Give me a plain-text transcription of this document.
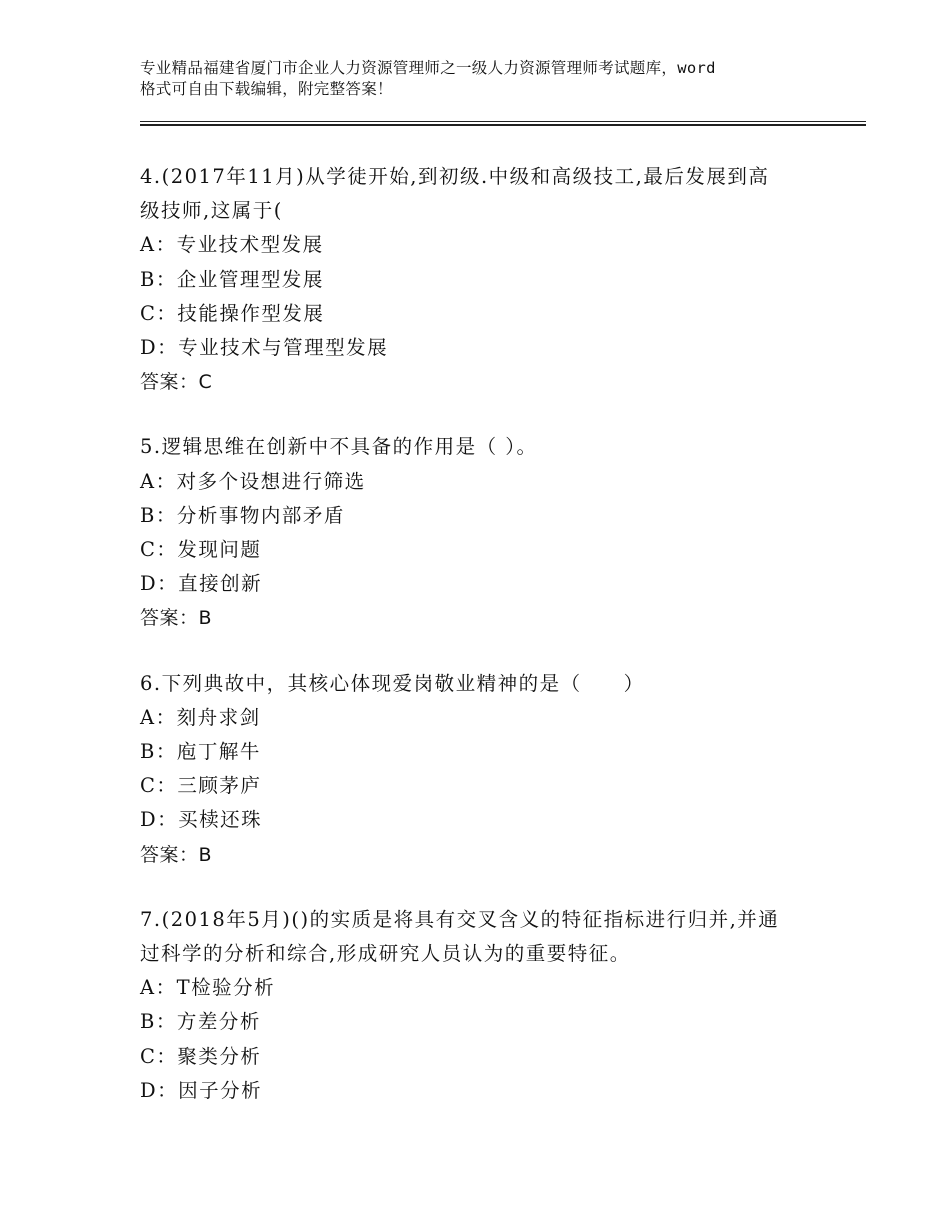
专业精品福建省厦门市企业人力资源管理师之一级人力资源管理师考试题库，word
格式可自由下载编辑，附完整答案！
4.(2017年11月)从学徒开始,到初级.中级和高级技工,最后发展到高
级技师,这属于(
A：专业技术型发展
B：企业管理型发展
C：技能操作型发展
D：专业技术与管理型发展
答案：C
5.逻辑思维在创新中不具备的作用是（ ）。
A：对多个设想进行筛选
B：分析事物内部矛盾
C：发现问题
D：直接创新
答案：B
6.下列典故中，其核心体现爱岗敬业精神的是（　　）
A：刻舟求剑
B：庖丁解牛
C：三顾茅庐
D：买椟还珠
答案：B
7.(2018年5月)()的实质是将具有交叉含义的特征指标进行归并,并通
过科学的分析和综合,形成研究人员认为的重要特征。
A：T检验分析
B：方差分析
C：聚类分析
D：因子分析
